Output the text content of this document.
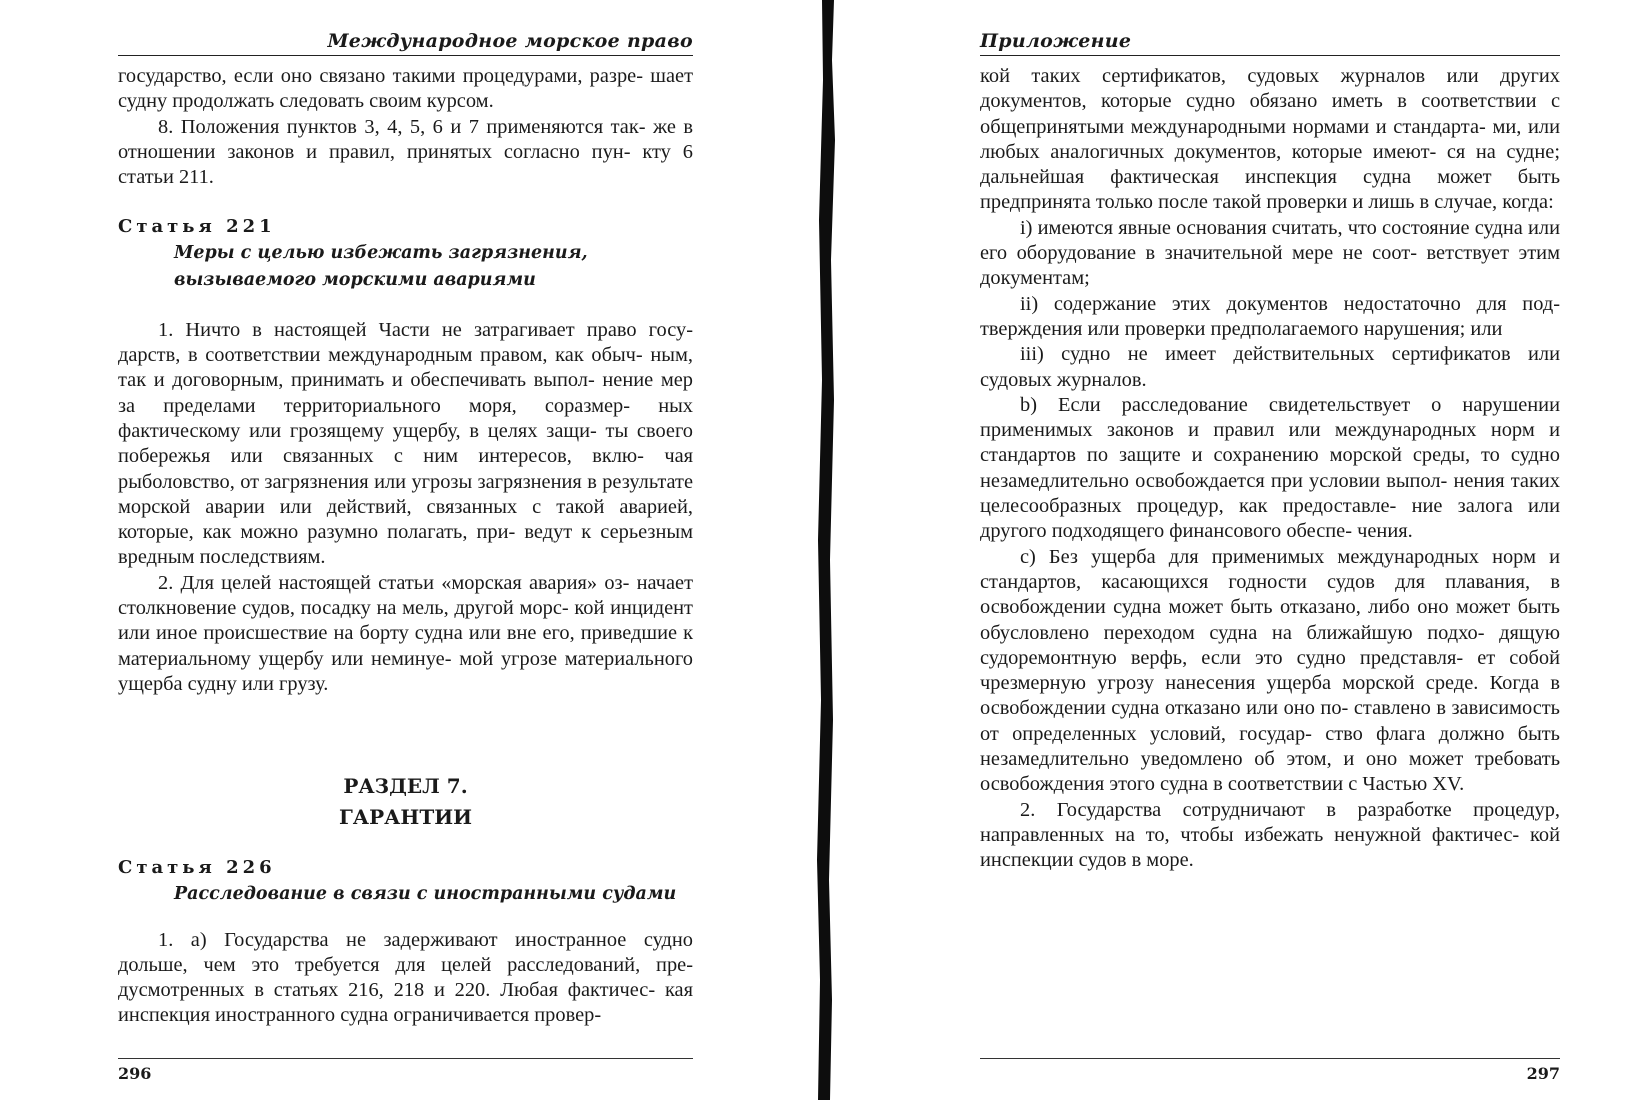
Международное морское право

государство, если оно связано такими процедурами, разре- шает судну продолжать следовать своим курсом.

8. Положения пунктов 3, 4, 5, 6 и 7 применяются так- же в отношении законов и правил, принятых согласно пун- кту 6 статьи 211.

Статья 221

Меры с целью избежать загрязнения,
вызываемого морскими авариями

1. Ничто в настоящей Части не затрагивает право госу- дарств, в соответствии международным правом, как обыч- ным, так и договорным, принимать и обеспечивать выпол- нение мер за пределами территориального моря, соразмер- ных фактическому или грозящему ущербу, в целях защи- ты своего побережья или связанных с ним интересов, вклю- чая рыболовство, от загрязнения или угрозы загрязнения в результате морской аварии или действий, связанных с такой аварией, которые, как можно разумно полагать, при- ведут к серьезным вредным последствиям.

2. Для целей настоящей статьи «морская авария» оз- начает столкновение судов, посадку на мель, другой морс- кой инцидент или иное происшествие на борту судна или вне его, приведшие к материальному ущербу или неминуе- мой угрозе материального ущерба судну или грузу.

РАЗДЕЛ 7.
ГАРАНТИИ

Статья 226

Расследование в связи с иностранными судами

1. а) Государства не задерживают иностранное судно дольше, чем это требуется для целей расследований, пре- дусмотренных в статьях 216, 218 и 220. Любая фактичес- кая инспекция иностранного судна ограничивается провер-

296
Приложение

кой таких сертификатов, судовых журналов или других документов, которые судно обязано иметь в соответствии с общепринятыми международными нормами и стандарта- ми, или любых аналогичных документов, которые имеют- ся на судне; дальнейшая фактическая инспекция судна может быть предпринята только после такой проверки и лишь в случае, когда:

i) имеются явные основания считать, что состояние судна или его оборудование в значительной мере не соот- ветствует этим документам;

ii) содержание этих документов недостаточно для под- тверждения или проверки предполагаемого нарушения; или

iii) судно не имеет действительных сертификатов или судовых журналов.

b) Если расследование свидетельствует о нарушении применимых законов и правил или международных норм и стандартов по защите и сохранению морской среды, то судно незамедлительно освобождается при условии выпол- нения таких целесообразных процедур, как предоставле- ние залога или другого подходящего финансового обеспе- чения.

с) Без ущерба для применимых международных норм и стандартов, касающихся годности судов для плавания, в освобождении судна может быть отказано, либо оно может быть обусловлено переходом судна на ближайшую подхо- дящую судоремонтную верфь, если это судно представля- ет собой чрезмерную угрозу нанесения ущерба морской среде. Когда в освобождении судна отказано или оно по- ставлено в зависимость от определенных условий, госудаp- ство флага должно быть незамедлительно уведомлено об этом, и оно может требовать освобождения этого судна в соответствии с Частью XV.

2. Государства сотрудничают в разработке процедур, направленных на то, чтобы избежать ненужной фактичес- кой инспекции судов в море.

297
